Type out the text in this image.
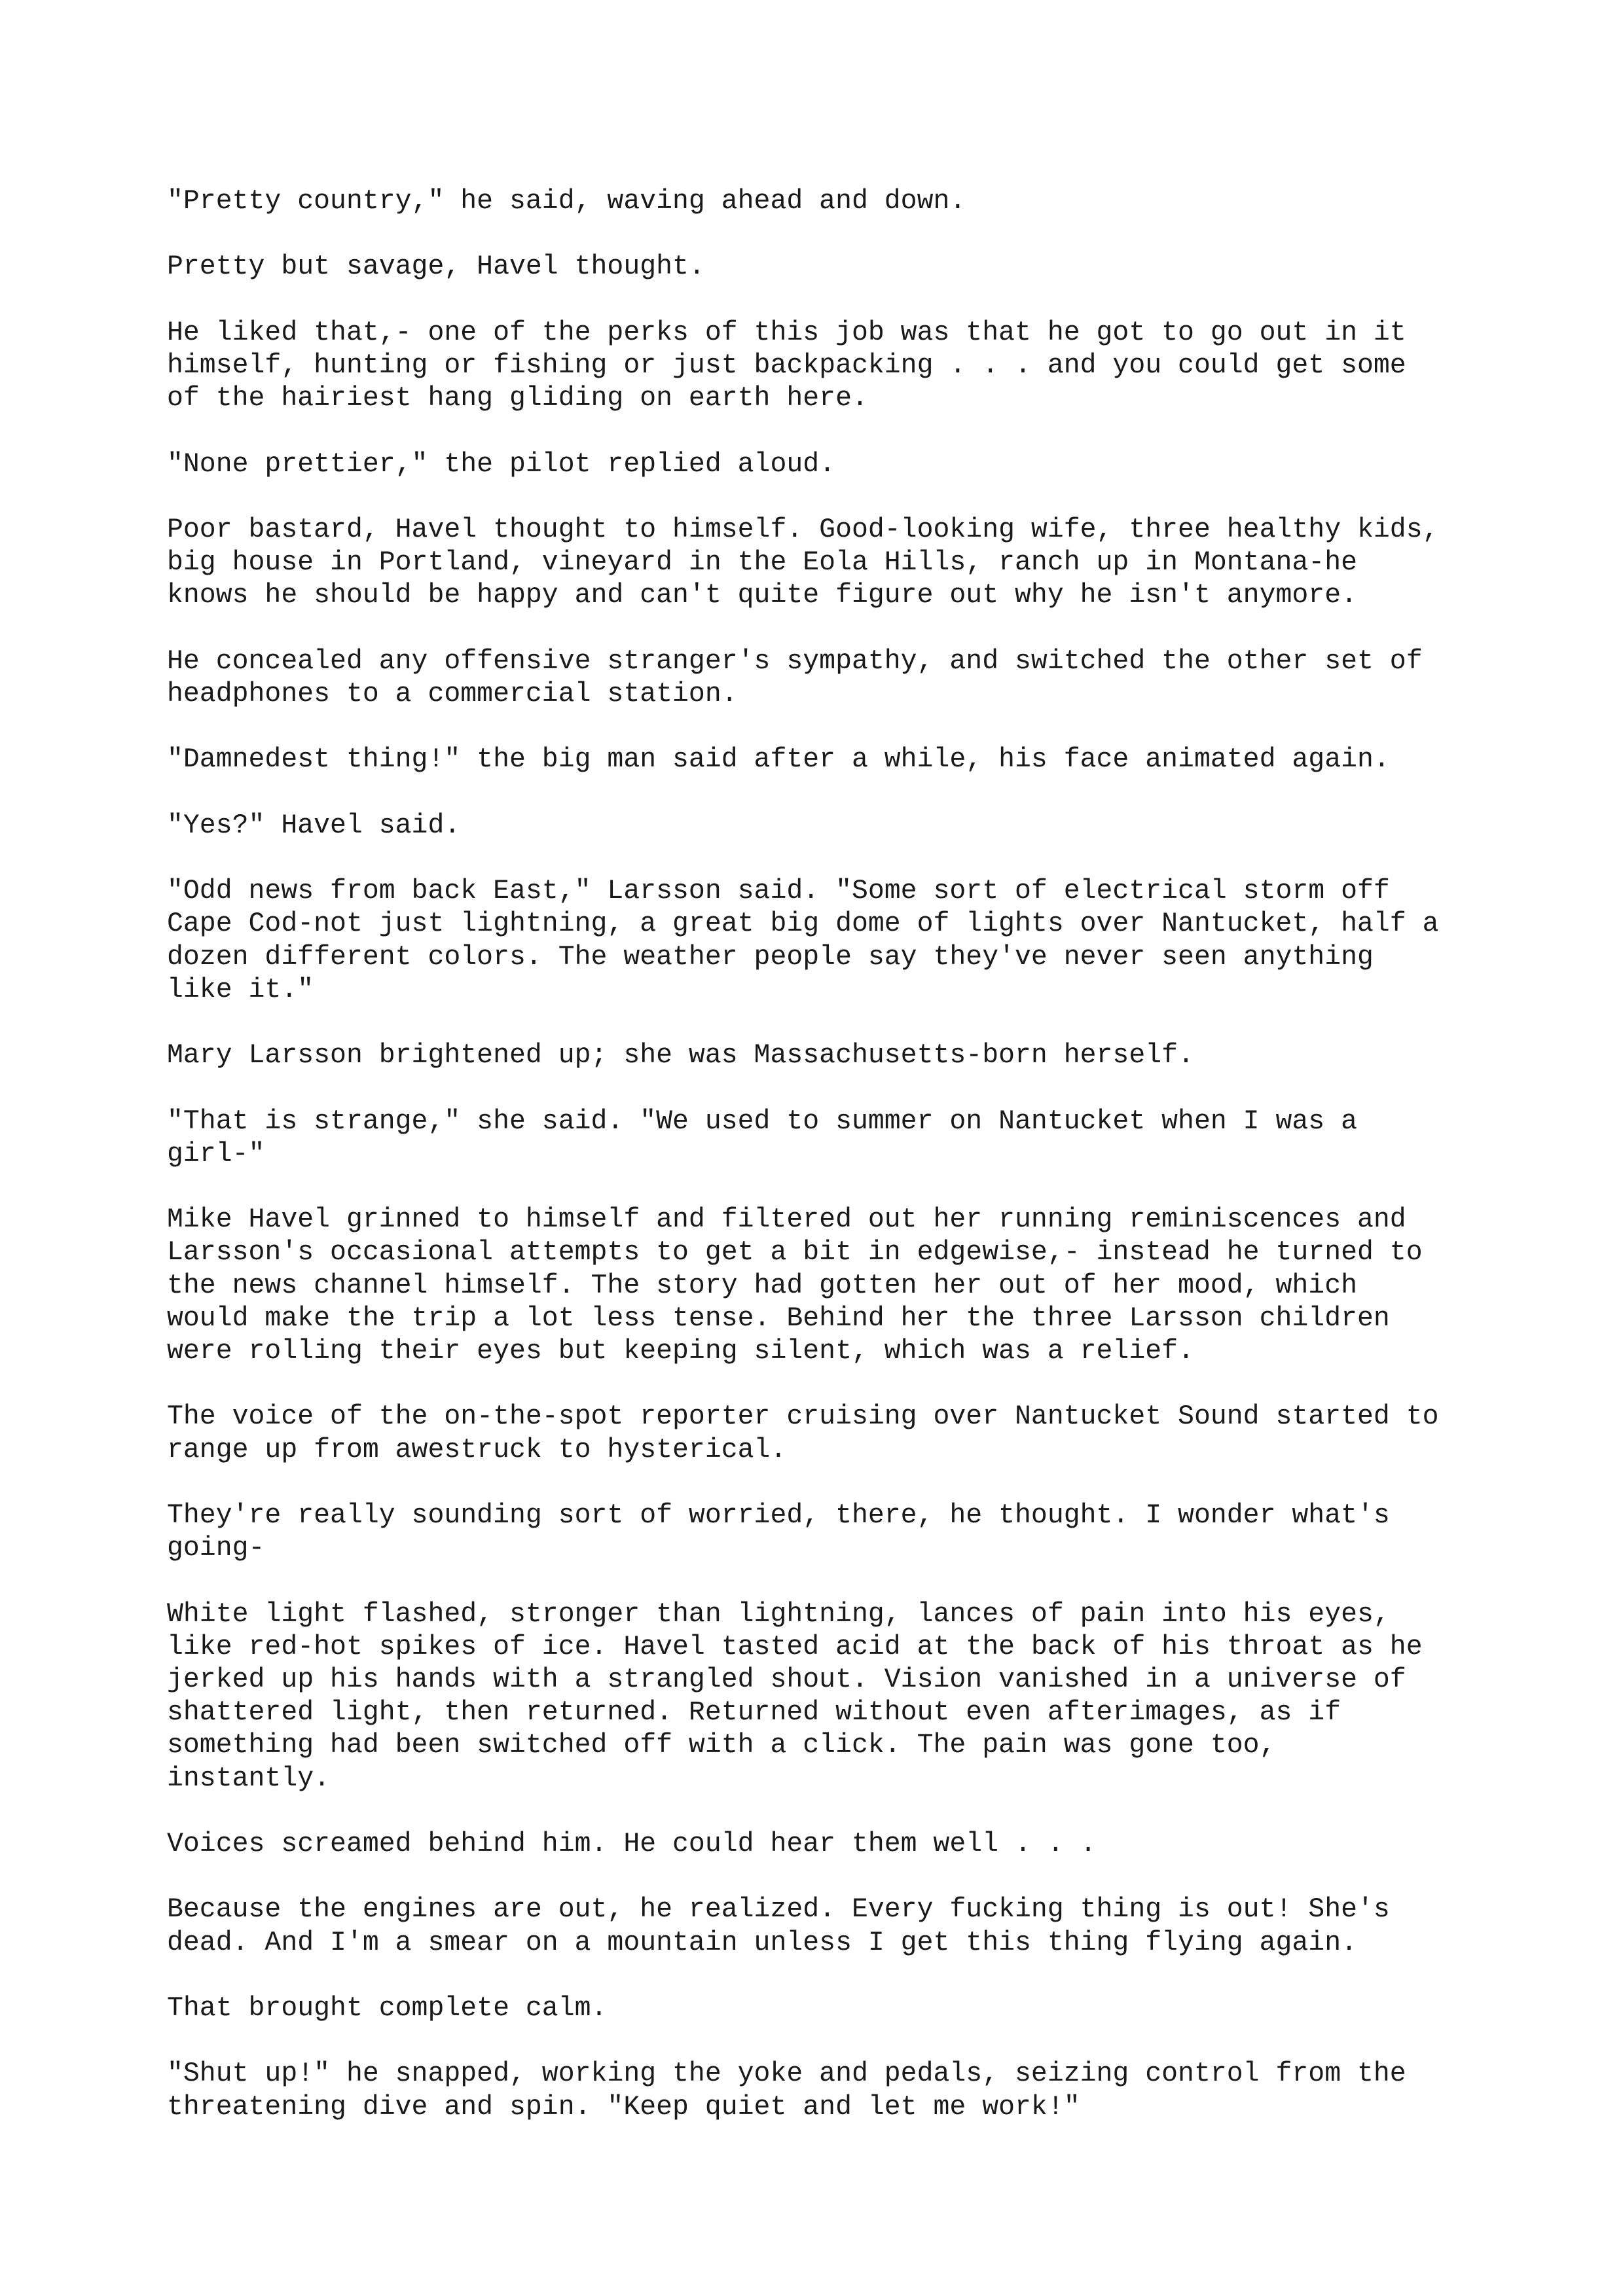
"Pretty country," he said, waving ahead and down.

Pretty but savage, Havel thought.

He liked that,- one of the perks of this job was that he got to go out in it
himself, hunting or fishing or just backpacking . . . and you could get some
of the hairiest hang gliding on earth here.

"None prettier," the pilot replied aloud.

Poor bastard, Havel thought to himself. Good-looking wife, three healthy kids,
big house in Portland, vineyard in the Eola Hills, ranch up in Montana-he
knows he should be happy and can't quite figure out why he isn't anymore.

He concealed any offensive stranger's sympathy, and switched the other set of
headphones to a commercial station.

"Damnedest thing!" the big man said after a while, his face animated again.

"Yes?" Havel said.

"Odd news from back East," Larsson said. "Some sort of electrical storm off
Cape Cod-not just lightning, a great big dome of lights over Nantucket, half a
dozen different colors. The weather people say they've never seen anything
like it."

Mary Larsson brightened up; she was Massachusetts-born herself.

"That is strange," she said. "We used to summer on Nantucket when I was a
girl-"

Mike Havel grinned to himself and filtered out her running reminiscences and
Larsson's occasional attempts to get a bit in edgewise,- instead he turned to
the news channel himself. The story had gotten her out of her mood, which
would make the trip a lot less tense. Behind her the three Larsson children
were rolling their eyes but keeping silent, which was a relief.

The voice of the on-the-spot reporter cruising over Nantucket Sound started to
range up from awestruck to hysterical.

They're really sounding sort of worried, there, he thought. I wonder what's
going-

White light flashed, stronger than lightning, lances of pain into his eyes,
like red-hot spikes of ice. Havel tasted acid at the back of his throat as he
jerked up his hands with a strangled shout. Vision vanished in a universe of
shattered light, then returned. Returned without even afterimages, as if
something had been switched off with a click. The pain was gone too,
instantly.

Voices screamed behind him. He could hear them well . . .

Because the engines are out, he realized. Every fucking thing is out! She's
dead. And I'm a smear on a mountain unless I get this thing flying again.

That brought complete calm.

"Shut up!" he snapped, working the yoke and pedals, seizing control from the
threatening dive and spin. "Keep quiet and let me work!"
